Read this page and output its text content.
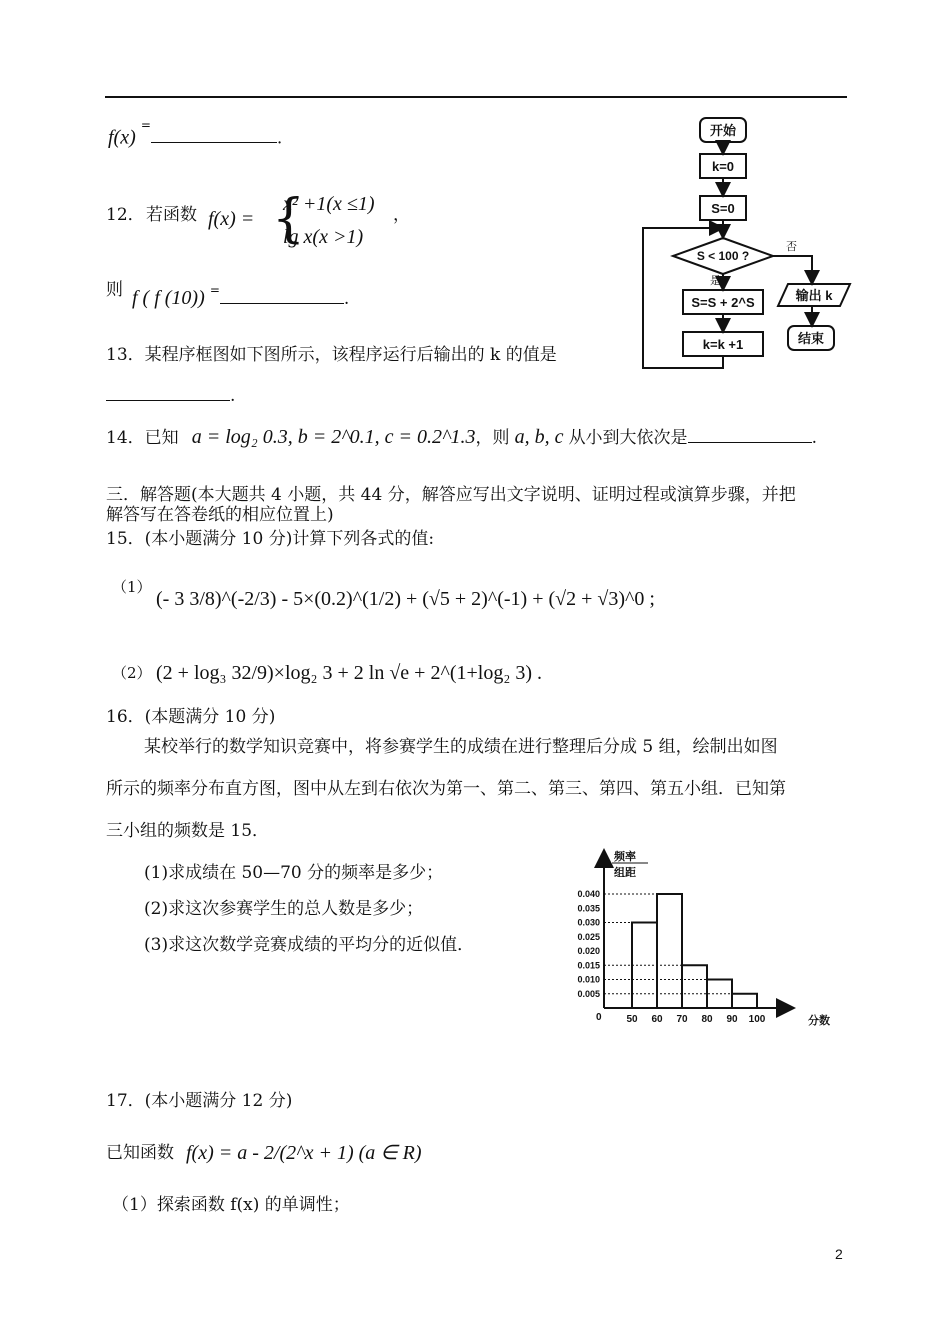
f(x) =.
12． 若函数 f(x) = {
x² +1(x ≤1)
lg x(x >1)
，
则 f ( f (10)) =	.
13．某程序框图如下图所示，该程序运行后输出的 k 的值是
.
14．已知 a = log₂ 0.3, b = 2^0.1, c = 0.2^1.3，则 a, b, c 从小到大依次是	.
三．解答题(本大题共 4 小题，共 44 分，解答应写出文字说明、证明过程或演算步骤，并把
解答写在答卷纸的相应位置上)
15．(本小题满分 10 分)计算下列各式的值:
（1）
(- 3 3/8)^(-2/3) - 5×(0.2)^(1/2) + (√5 + 2)^(-1) + (√2 + √3)^0 ;
（2） (2 + log₃ 32/9)×log₂ 3 + 2 ln √e + 2^(1+log₂ 3) .
16．(本题满分 10 分)
某校举行的数学知识竞赛中，将参赛学生的成绩在进行整理后分成 5 组，绘制出如图
所示的频率分布直方图，图中从左到右依次为第一、第二、第三、第四、第五小组．已知第
三小组的频数是 15．
(1)求成绩在 50—70 分的频率是多少；
(2)求这次参赛学生的总人数是多少；
(3)求这次数学竞赛成绩的平均分的近似值．
17．(本小题满分 12 分)
已知函数 f(x) = a - 2/(2^x + 1) (a ∈ R)
（1）探索函数 f(x) 的单调性；
2
开始
k=0
S=0
S < 100 ?
S=S + 2^S
k=k +1
输出 k
结束
是
否
0.005
0.010
0.015
0.020
0.025
0.030
0.035
0.040
50 60 70 80 90 100
频率
组距
0	分数
